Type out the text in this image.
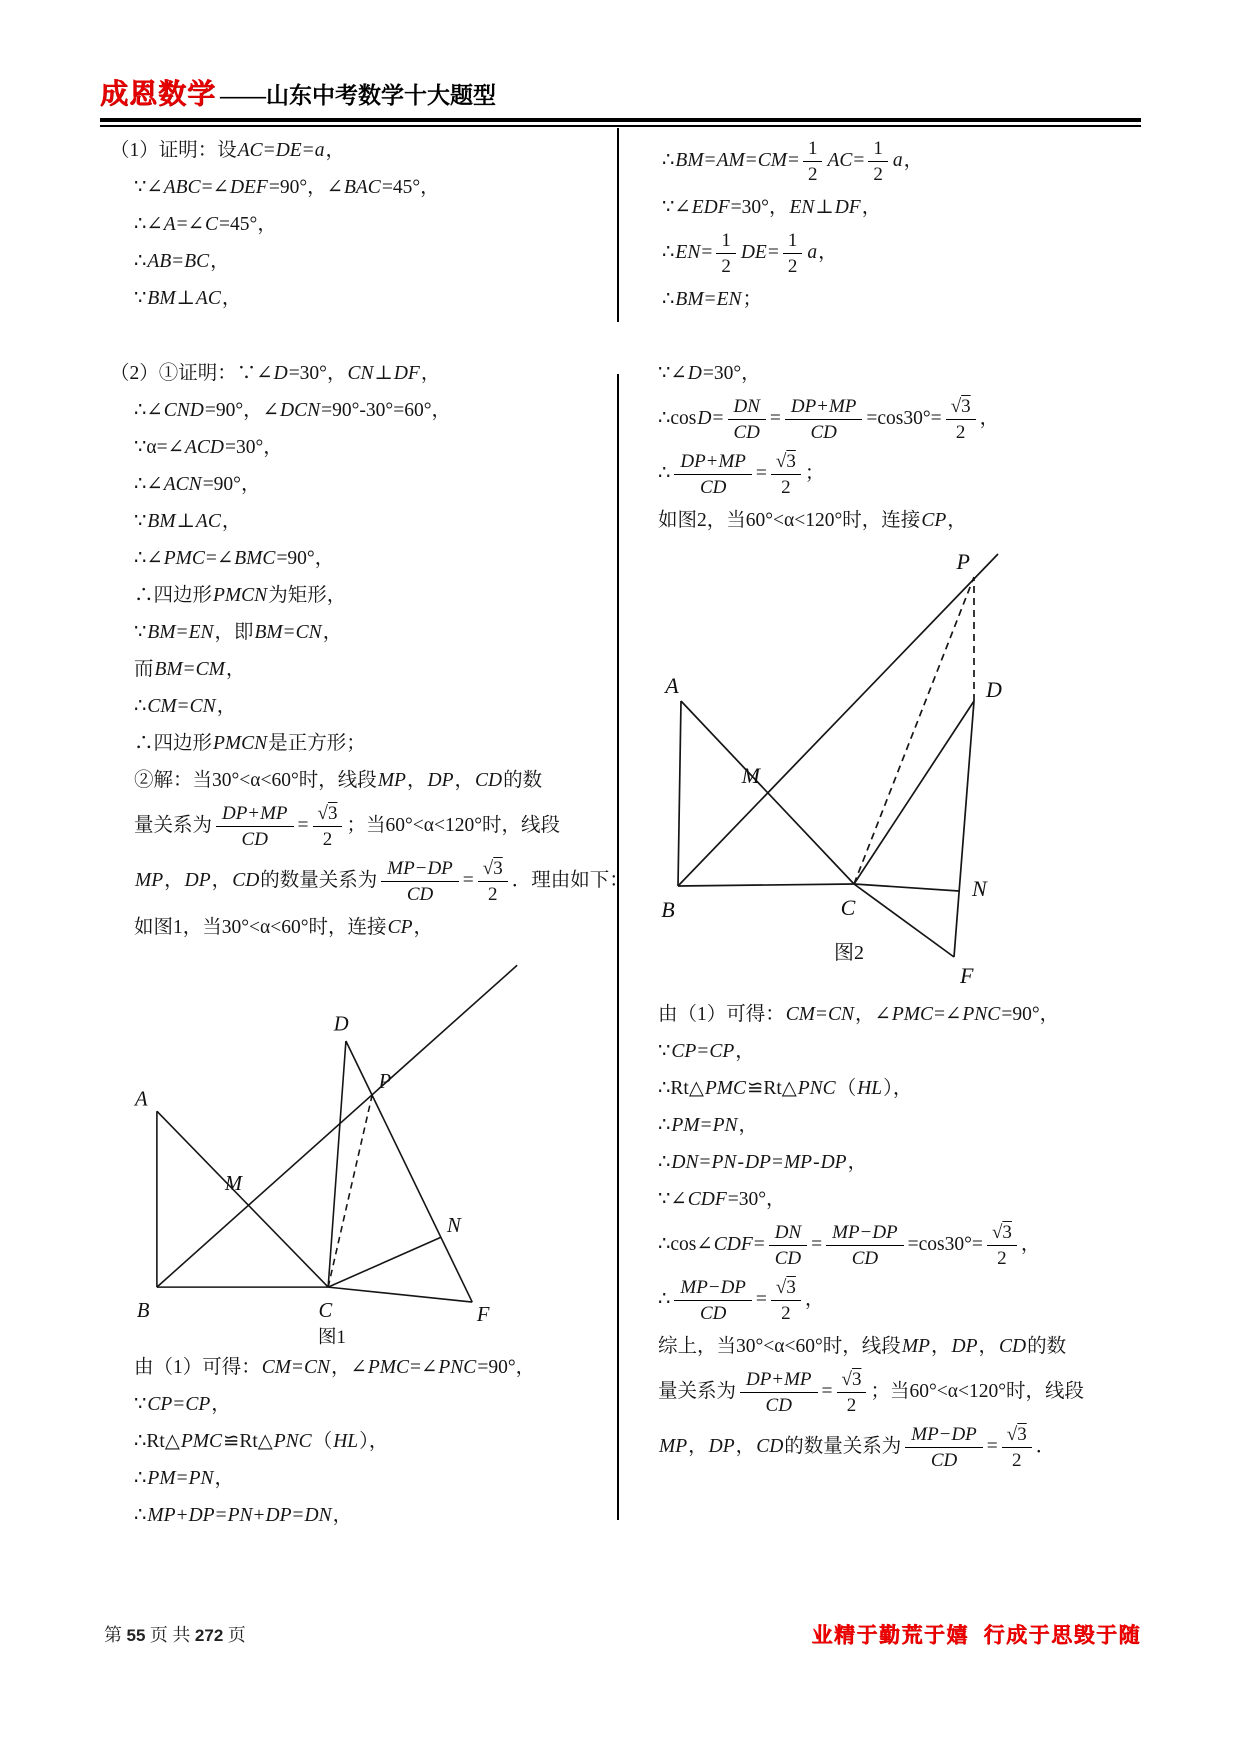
成恩数学 ——山东中考数学十大题型
（1）证明：设AC=DE=a，
∵∠ABC=∠DEF=90°，∠BAC=45°，
∴∠A=∠C=45°，
∴AB=BC，
∵BM⊥AC，
∴BM=AM=CM= $\frac{1}{2} AC= \frac{1}{2}$ a，
∵∠EDF=30°，EN⊥DF，
∴EN= $\frac{1}{2} DE= \frac{1}{2}$ a，
∴BM=EN；
（2）①证明：∵∠D=30°，CN⊥DF，
∴∠CND=90°，∠DCN=90°-30°=60°，
∵α=∠ACD=30°，
∴∠ACN=90°，
∵BM⊥AC，
∴∠PMC=∠BMC=90°，
∴四边形PMCN为矩形，
∵BM=EN，即BM=CN，
而BM=CM，
∴CM=CN，
∴四边形PMCN是正方形；
②解：当30°<α<60°时，线段MP，DP，CD的数
量关系为 $\frac{DP+MP}{CD} = \frac{√3}{2}$ ；当60°<α<120°时，线段
MP，DP，CD的数量关系为 $\frac{MP-DP}{CD} = \frac{√3}{2}$ ．理由如下：
如图1，当30°<α<60°时，连接CP，
A
B	C
D
P
M
N
F
图1
由（1）可得：CM=CN，∠PMC=∠PNC=90°，
∵CP=CP，
∴Rt△PMC≌Rt△PNC（HL），
∴PM=PN，
∴MP+DP=PN+DP=DN，
∵∠D=30°，
∴cosD= $\frac{DN}{CD} = \frac{DP+MP}{CD} =\cos 30^\circ= \frac{√3}{2}$ ，
∴ $\frac{DP+MP}{CD} = \frac{√3}{2}$ ；
如图2，当60°<α<120°时，连接CP，
P
A	D
M
B	C
N
F
图2
由（1）可得：CM=CN，∠PMC=∠PNC=90°，
∵CP=CP，
∴Rt△PMC≌Rt△PNC（HL），
∴PM=PN，
∴DN=PN-DP=MP-DP，
∵∠CDF=30°，
∴cos∠CDF= $\frac{DN}{CD} = \frac{MP-DP}{CD} =\cos 30^\circ= \frac{√3}{2}$ ，
∴ $\frac{MP-DP}{CD} = \frac{√3}{2}$ ，
综上，当30°<α<60°时，线段MP，DP，CD的数
量关系为 $\frac{DP+MP}{CD} = \frac{√3}{2}$ ；当60°<α<120°时，线段
MP，DP，CD的数量关系为 $\frac{MP-DP}{CD} = \frac{√3}{2}$ ．
第 55 页 共 272 页	业精于勤荒于嬉  行成于思毁于随
